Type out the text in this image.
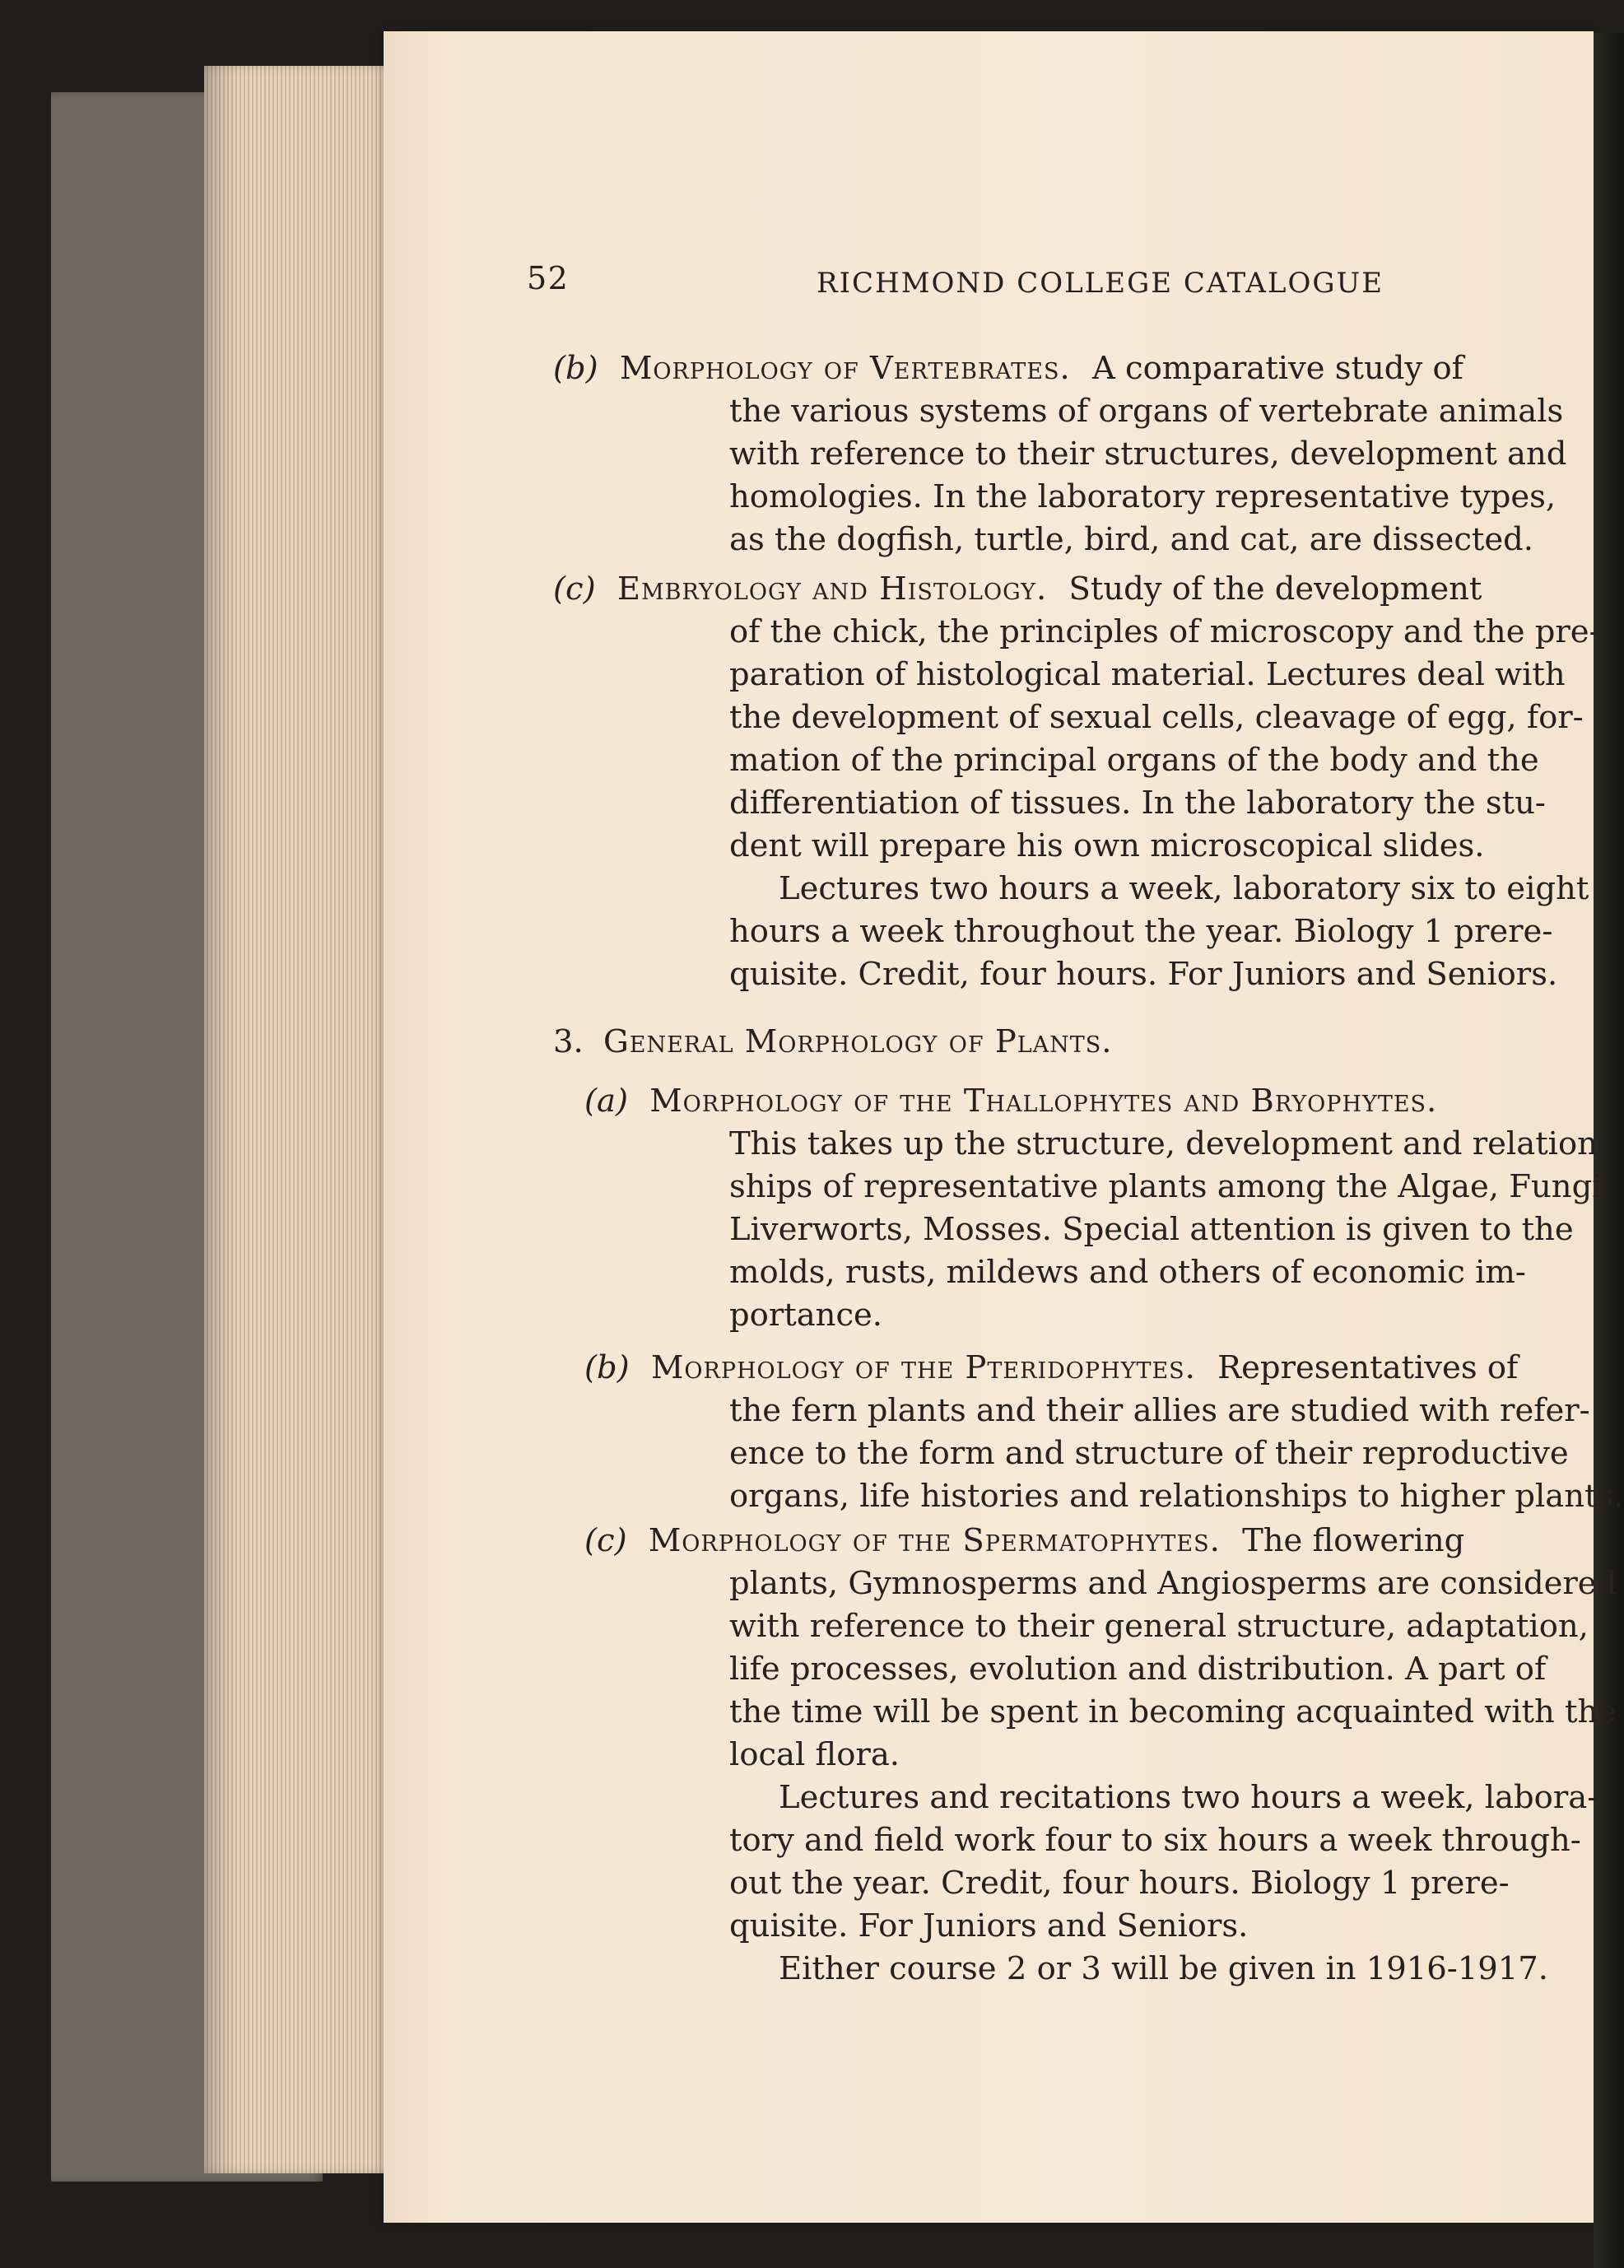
52	RICHMOND COLLEGE CATALOGUE
(b) Morphology of Vertebrates. A comparative study of
the various systems of organs of vertebrate animals
with reference to their structures, development and
homologies. In the laboratory representative types,
as the dogfish, turtle, bird, and cat, are dissected.
(c) Embryology and Histology. Study of the development
of the chick, the principles of microscopy and the pre-
paration of histological material. Lectures deal with
the development of sexual cells, cleavage of egg, for-
mation of the principal organs of the body and the
differentiation of tissues. In the laboratory the stu-
dent will prepare his own microscopical slides.
Lectures two hours a week, laboratory six to eight
hours a week throughout the year. Biology 1 prere-
quisite. Credit, four hours. For Juniors and Seniors.
3. General Morphology of Plants.
(a) Morphology of the Thallophytes and Bryophytes.
This takes up the structure, development and relation-
ships of representative plants among the Algae, Fungi,
Liverworts, Mosses. Special attention is given to the
molds, rusts, mildews and others of economic im-
portance.
(b) Morphology of the Pteridophytes. Representatives of
the fern plants and their allies are studied with refer-
ence to the form and structure of their reproductive
organs, life histories and relationships to higher plants.
(c) Morphology of the Spermatophytes. The flowering
plants, Gymnosperms and Angiosperms are considered
with reference to their general structure, adaptation,
life processes, evolution and distribution. A part of
the time will be spent in becoming acquainted with the
local flora.
Lectures and recitations two hours a week, labora-
tory and field work four to six hours a week through-
out the year. Credit, four hours. Biology 1 prere-
quisite. For Juniors and Seniors.
Either course 2 or 3 will be given in 1916-1917.
